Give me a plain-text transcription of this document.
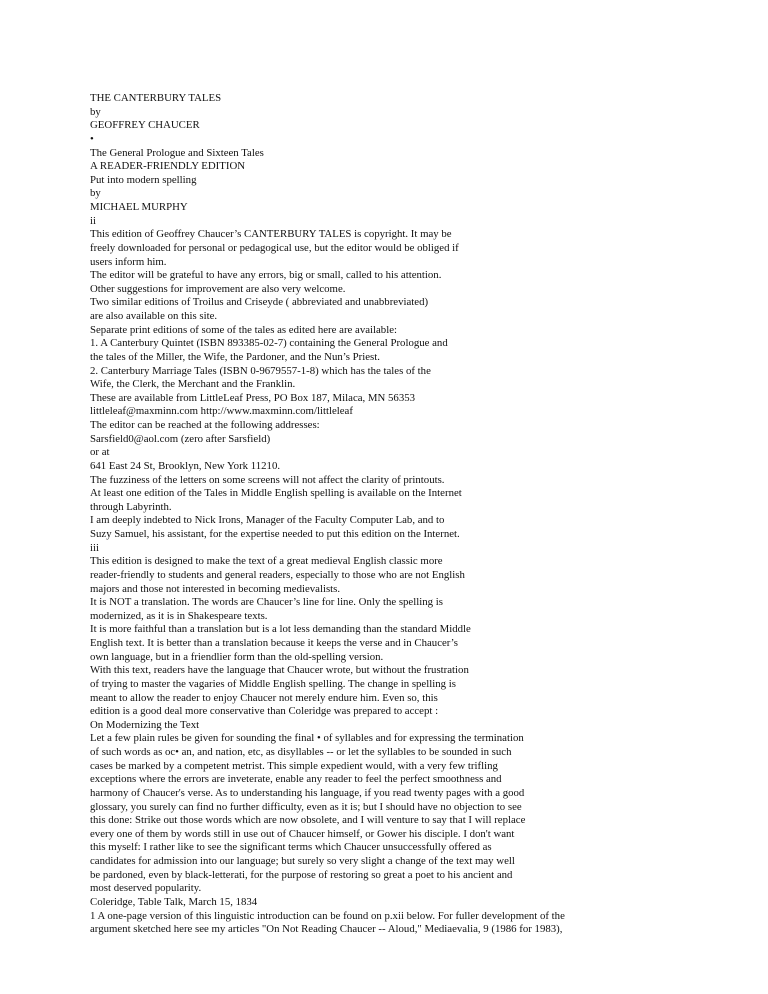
THE CANTERBURY TALES
by
GEOFFREY CHAUCER
•
The General Prologue and Sixteen Tales
A READER-FRIENDLY EDITION
Put into modern spelling
by
MICHAEL MURPHY
ii
This edition of Geoffrey Chaucer’s CANTERBURY TALES is copyright. It may be
freely downloaded for personal or pedagogical use, but the editor would be obliged if
users inform him.
The editor will be grateful to have any errors, big or small, called to his attention.
Other suggestions for improvement are also very welcome.
Two similar editions of Troilus and Criseyde ( abbreviated and unabbreviated)
are also available on this site.
Separate print editions of some of the tales as edited here are available:
1. A Canterbury Quintet (ISBN 893385-02-7) containing the General Prologue and
the tales of the Miller, the Wife, the Pardoner, and the Nun’s Priest.
2. Canterbury Marriage Tales (ISBN 0-9679557-1-8) which has the tales of the
Wife, the Clerk, the Merchant and the Franklin.
These are available from LittleLeaf Press, PO Box 187, Milaca, MN 56353
littleleaf@maxminn.com http://www.maxminn.com/littleleaf
The editor can be reached at the following addresses:
Sarsfield0@aol.com (zero after Sarsfield)
or at
641 East 24 St, Brooklyn, New York 11210.
The fuzziness of the letters on some screens will not affect the clarity of printouts.
At least one edition of the Tales in Middle English spelling is available on the Internet
through Labyrinth.
I am deeply indebted to Nick Irons, Manager of the Faculty Computer Lab, and to
Suzy Samuel, his assistant, for the expertise needed to put this edition on the Internet.
iii
This edition is designed to make the text of a great medieval English classic more
reader-friendly to students and general readers, especially to those who are not English
majors and those not interested in becoming medievalists.
It is NOT a translation. The words are Chaucer’s line for line. Only the spelling is
modernized, as it is in Shakespeare texts.
It is more faithful than a translation but is a lot less demanding than the standard Middle
English text. It is better than a translation because it keeps the verse and in Chaucer’s
own language, but in a friendlier form than the old-spelling version.
With this text, readers have the language that Chaucer wrote, but without the frustration
of trying to master the vagaries of Middle English spelling. The change in spelling is
meant to allow the reader to enjoy Chaucer not merely endure him. Even so, this
edition is a good deal more conservative than Coleridge was prepared to accept :
On Modernizing the Text
Let a few plain rules be given for sounding the final • of syllables and for expressing the termination
of such words as oc• an, and nation, etc, as disyllables -- or let the syllables to be sounded in such
cases be marked by a competent metrist. This simple expedient would, with a very few trifling
exceptions where the errors are inveterate, enable any reader to feel the perfect smoothness and
harmony of Chaucer's verse. As to understanding his language, if you read twenty pages with a good
glossary, you surely can find no further difficulty, even as it is; but I should have no objection to see
this done: Strike out those words which are now obsolete, and I will venture to say that I will replace
every one of them by words still in use out of Chaucer himself, or Gower his disciple. I don't want
this myself: I rather like to see the significant terms which Chaucer unsuccessfully offered as
candidates for admission into our language; but surely so very slight a change of the text may well
be pardoned, even by black-letterati, for the purpose of restoring so great a poet to his ancient and
most deserved popularity.
Coleridge, Table Talk, March 15, 1834
1 A one-page version of this linguistic introduction can be found on p.xii below. For fuller development of the
argument sketched here see my articles "On Not Reading Chaucer -- Aloud," Mediaevalia, 9 (1986 for 1983),
